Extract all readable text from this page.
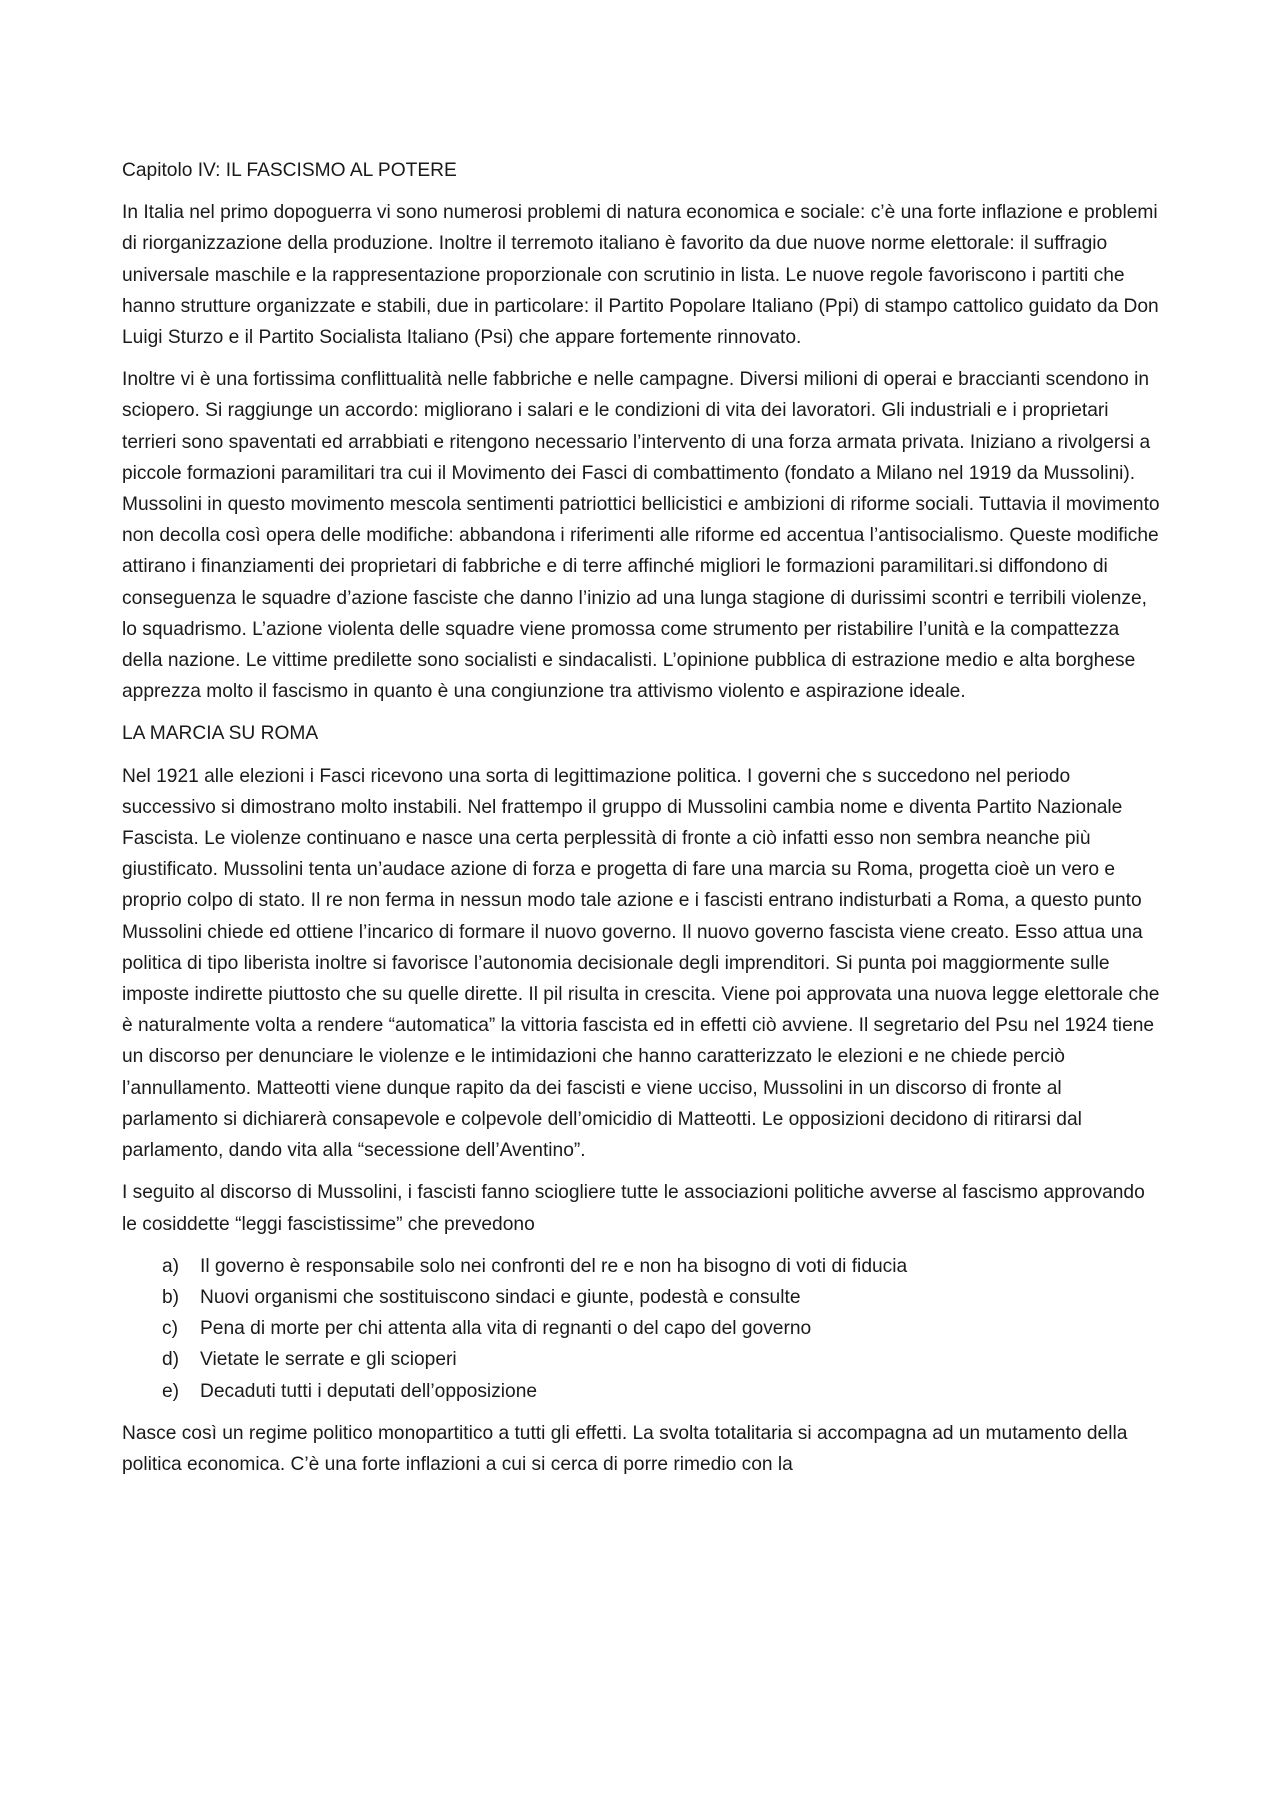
Capitolo IV: IL FASCISMO AL POTERE

In Italia nel primo dopoguerra vi sono numerosi problemi di natura economica e sociale: c’è una forte inflazione e problemi di riorganizzazione della produzione. Inoltre il terremoto italiano è favorito da due nuove norme elettorale: il suffragio universale maschile e la rappresentazione proporzionale con scrutinio in lista. Le nuove regole favoriscono i partiti che hanno strutture organizzate e stabili, due in particolare: il Partito Popolare Italiano (Ppi) di stampo cattolico guidato da Don Luigi Sturzo e il Partito Socialista Italiano (Psi) che appare fortemente rinnovato.

Inoltre vi è una fortissima conflittualità nelle fabbriche e nelle campagne. Diversi milioni di operai e braccianti scendono in sciopero. Si raggiunge un accordo: migliorano i salari e le condizioni di vita dei lavoratori. Gli industriali e i proprietari terrieri sono spaventati ed arrabbiati e ritengono necessario l’intervento di una forza armata privata. Iniziano a rivolgersi a piccole formazioni paramilitari tra cui il Movimento dei Fasci di combattimento (fondato a Milano nel 1919 da Mussolini). Mussolini in questo movimento mescola sentimenti patriottici bellicistici e ambizioni di riforme sociali. Tuttavia il movimento non decolla così opera delle modifiche: abbandona i riferimenti alle riforme ed accentua l’antisocialismo. Queste modifiche attirano i finanziamenti dei proprietari di fabbriche e di terre affinché migliori le formazioni paramilitari.si diffondono di conseguenza le squadre d’azione fasciste che danno l’inizio ad una lunga stagione di durissimi scontri e terribili violenze, lo squadrismo. L’azione violenta delle squadre viene promossa come strumento per ristabilire l’unità e la compattezza della nazione. Le vittime predilette sono socialisti e sindacalisti. L’opinione pubblica di estrazione medio e alta borghese apprezza molto il fascismo in quanto è una congiunzione tra attivismo violento e aspirazione ideale.

LA MARCIA SU ROMA

Nel 1921 alle elezioni i Fasci ricevono una sorta di legittimazione politica. I governi che s succedono nel periodo successivo si dimostrano molto instabili. Nel frattempo il gruppo di Mussolini cambia nome e diventa Partito Nazionale Fascista. Le violenze continuano e nasce una certa perplessità di fronte a ciò infatti esso non sembra neanche più giustificato. Mussolini tenta un’audace azione di forza e progetta di fare una marcia su Roma, progetta cioè un vero e proprio colpo di stato. Il re non ferma in nessun modo tale azione e i fascisti entrano indisturbati a Roma, a questo punto Mussolini chiede ed ottiene l’incarico di formare il nuovo governo. Il nuovo governo fascista viene creato. Esso attua una politica di tipo liberista inoltre si favorisce l’autonomia decisionale degli imprenditori. Si punta poi maggiormente sulle imposte indirette piuttosto che su quelle dirette. Il pil risulta in crescita. Viene poi approvata una nuova legge elettorale che è naturalmente volta a rendere “automatica” la vittoria fascista ed in effetti ciò avviene. Il segretario del Psu nel 1924 tiene un discorso per denunciare le violenze e le intimidazioni che hanno caratterizzato le elezioni e ne chiede perciò l’annullamento. Matteotti viene dunque rapito da dei fascisti e viene ucciso, Mussolini in un discorso di fronte al parlamento si dichiarerà consapevole e colpevole dell’omicidio di Matteotti. Le opposizioni decidono di ritirarsi dal parlamento, dando vita alla “secessione dell’Aventino”.

I seguito al discorso di Mussolini, i fascisti fanno sciogliere tutte le associazioni politiche avverse al fascismo approvando le cosiddette “leggi fascistissime” che prevedono

a) Il governo è responsabile solo nei confronti del re e non ha bisogno di voti di fiducia
b) Nuovi organismi che sostituiscono sindaci e giunte, podestà e consulte
c) Pena di morte per chi attenta alla vita di regnanti o del capo del governo
d) Vietate le serrate e gli scioperi
e) Decaduti tutti i deputati dell’opposizione

Nasce così un regime politico monopartitico a tutti gli effetti. La svolta totalitaria si accompagna ad un mutamento della politica economica. C’è una forte inflazioni a cui si cerca di porre rimedio con la
